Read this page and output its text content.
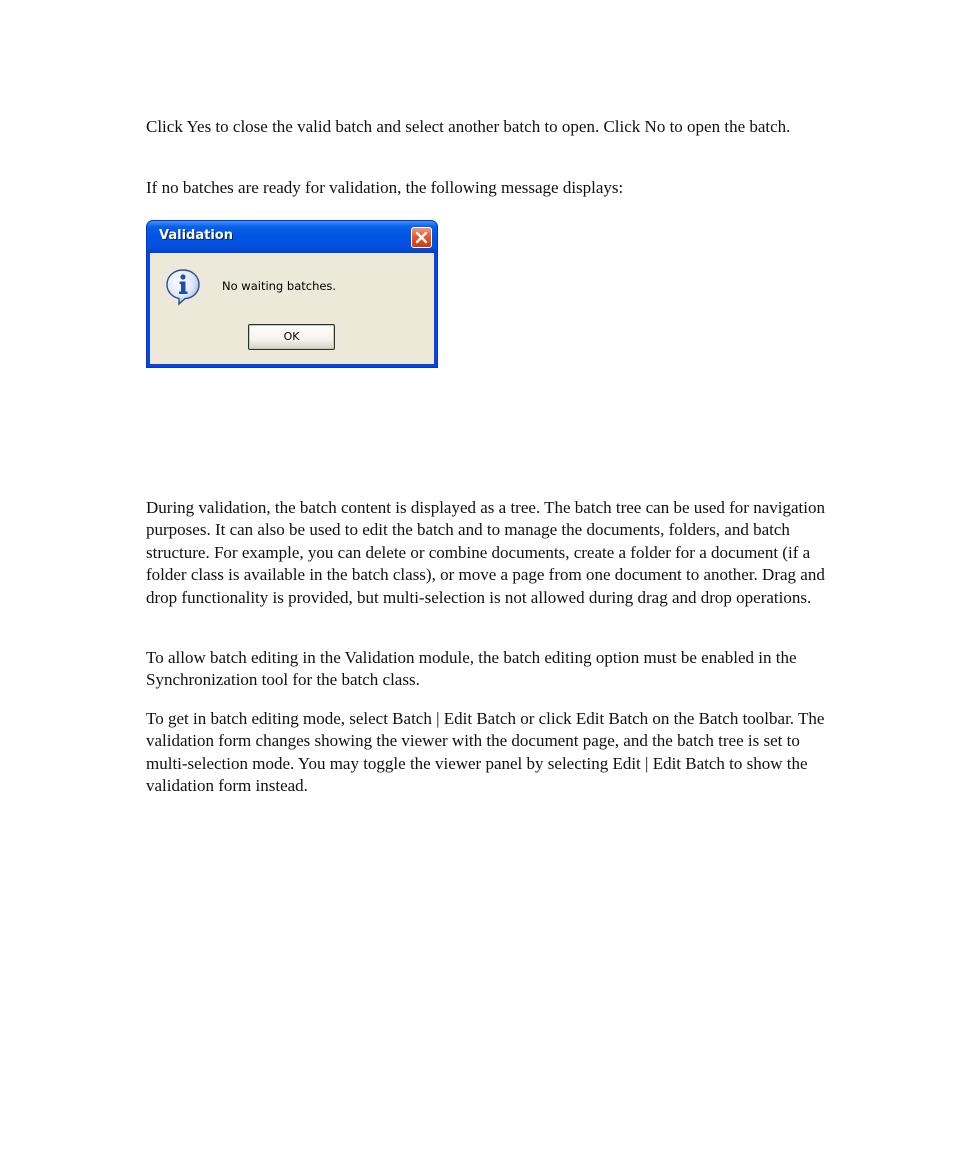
Click Yes to close the valid batch and select another batch to open. Click No to open the batch.

If no batches are ready for validation, the following message displays:

Validation
No waiting batches.
OK

During validation, the batch content is displayed as a tree. The batch tree can be used for navigation purposes. It can also be used to edit the batch and to manage the documents, folders, and batch structure. For example, you can delete or combine documents, create a folder for a document (if a folder class is available in the batch class), or move a page from one document to another. Drag and drop functionality is provided, but multi-selection is not allowed during drag and drop operations.

To allow batch editing in the Validation module, the batch editing option must be enabled in the Synchronization tool for the batch class.

To get in batch editing mode, select Batch | Edit Batch or click Edit Batch on the Batch toolbar. The validation form changes showing the viewer with the document page, and the batch tree is set to multi-selection mode. You may toggle the viewer panel by selecting Edit | Edit Batch to show the validation form instead.
